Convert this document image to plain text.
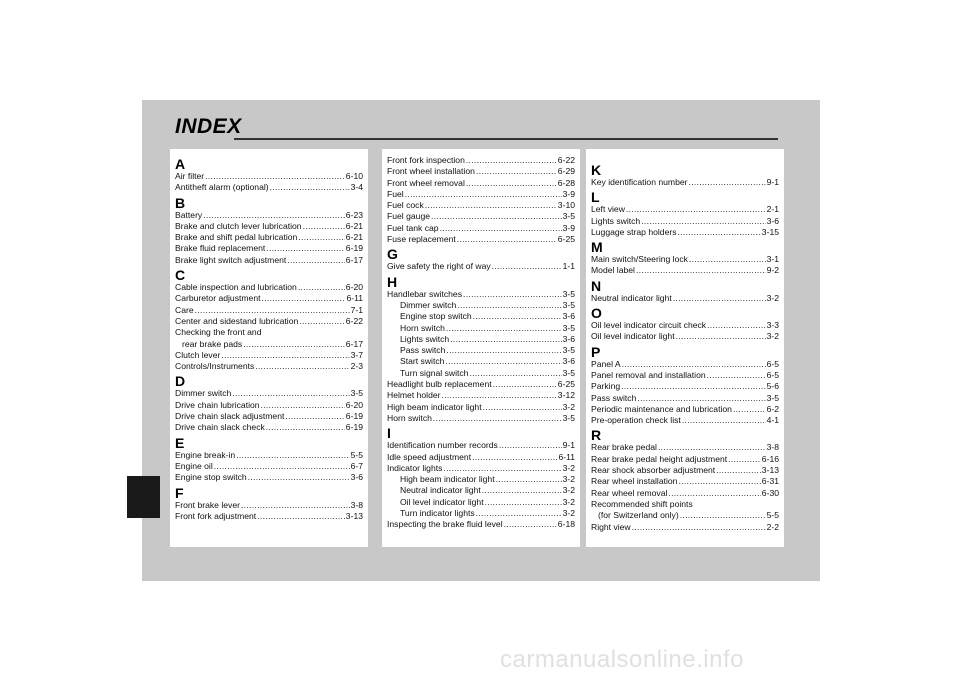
INDEX
A
Air filter .....	6-10
Antitheft alarm (optional) .....	3-4
B
Battery .....	6-23
Brake and clutch lever lubrication .....	6-21
Brake and shift pedal lubrication .....	6-21
Brake fluid replacement .....	6-19
Brake light switch adjustment .....	6-17
C
Cable inspection and lubrication .....	6-20
Carburetor adjustment .....	6-11
Care .....	7-1
Center and sidestand lubrication .....	6-22
Checking the front and
rear brake pads .....	6-17
Clutch lever .....	3-7
Controls/Instruments .....	2-3
D
Dimmer switch .....	3-5
Drive chain lubrication .....	6-20
Drive chain slack adjustment .....	6-19
Drive chain slack check .....	6-19
E
Engine break-in .....	5-5
Engine oil .....	6-7
Engine stop switch .....	3-6
F
Front brake lever .....	3-8
Front fork adjustment .....	3-13
Front fork inspection .....	6-22
Front wheel installation .....	6-29
Front wheel removal .....	6-28
Fuel .....	3-9
Fuel cock .....	3-10
Fuel gauge .....	3-5
Fuel tank cap .....	3-9
Fuse replacement .....	6-25
G
Give safety the right of way .....	1-1
H
Handlebar switches .....	3-5
Dimmer switch .....	3-5
Engine stop switch .....	3-6
Horn switch .....	3-5
Lights switch .....	3-6
Pass switch .....	3-5
Start switch .....	3-6
Turn signal switch .....	3-5
Headlight bulb replacement .....	6-25
Helmet holder .....	3-12
High beam indicator light .....	3-2
Horn switch .....	3-5
I
Identification number records .....	9-1
Idle speed adjustment .....	6-11
Indicator lights .....	3-2
High beam indicator light .....	3-2
Neutral indicator light .....	3-2
Oil level indicator light .....	3-2
Turn indicator lights .....	3-2
Inspecting the brake fluid level .....	6-18
K
Key identification number .....	9-1
L
Left view .....	2-1
Lights switch .....	3-6
Luggage strap holders .....	3-15
M
Main switch/Steering lock .....	3-1
Model label .....	9-2
N
Neutral indicator light .....	3-2
O
Oil level indicator circuit check .....	3-3
Oil level indicator light .....	3-2
P
Panel A .....	6-5
Panel removal and installation .....	6-5
Parking .....	5-6
Pass switch .....	3-5
Periodic maintenance and lubrication .....	6-2
Pre-operation check list .....	4-1
R
Rear brake pedal .....	3-8
Rear brake pedal height adjustment .....	6-16
Rear shock absorber adjustment .....	3-13
Rear wheel installation .....	6-31
Rear wheel removal .....	6-30
Recommended shift points
(for Switzerland only) .....	5-5
Right view .....	2-2
carmanualsonline.info
